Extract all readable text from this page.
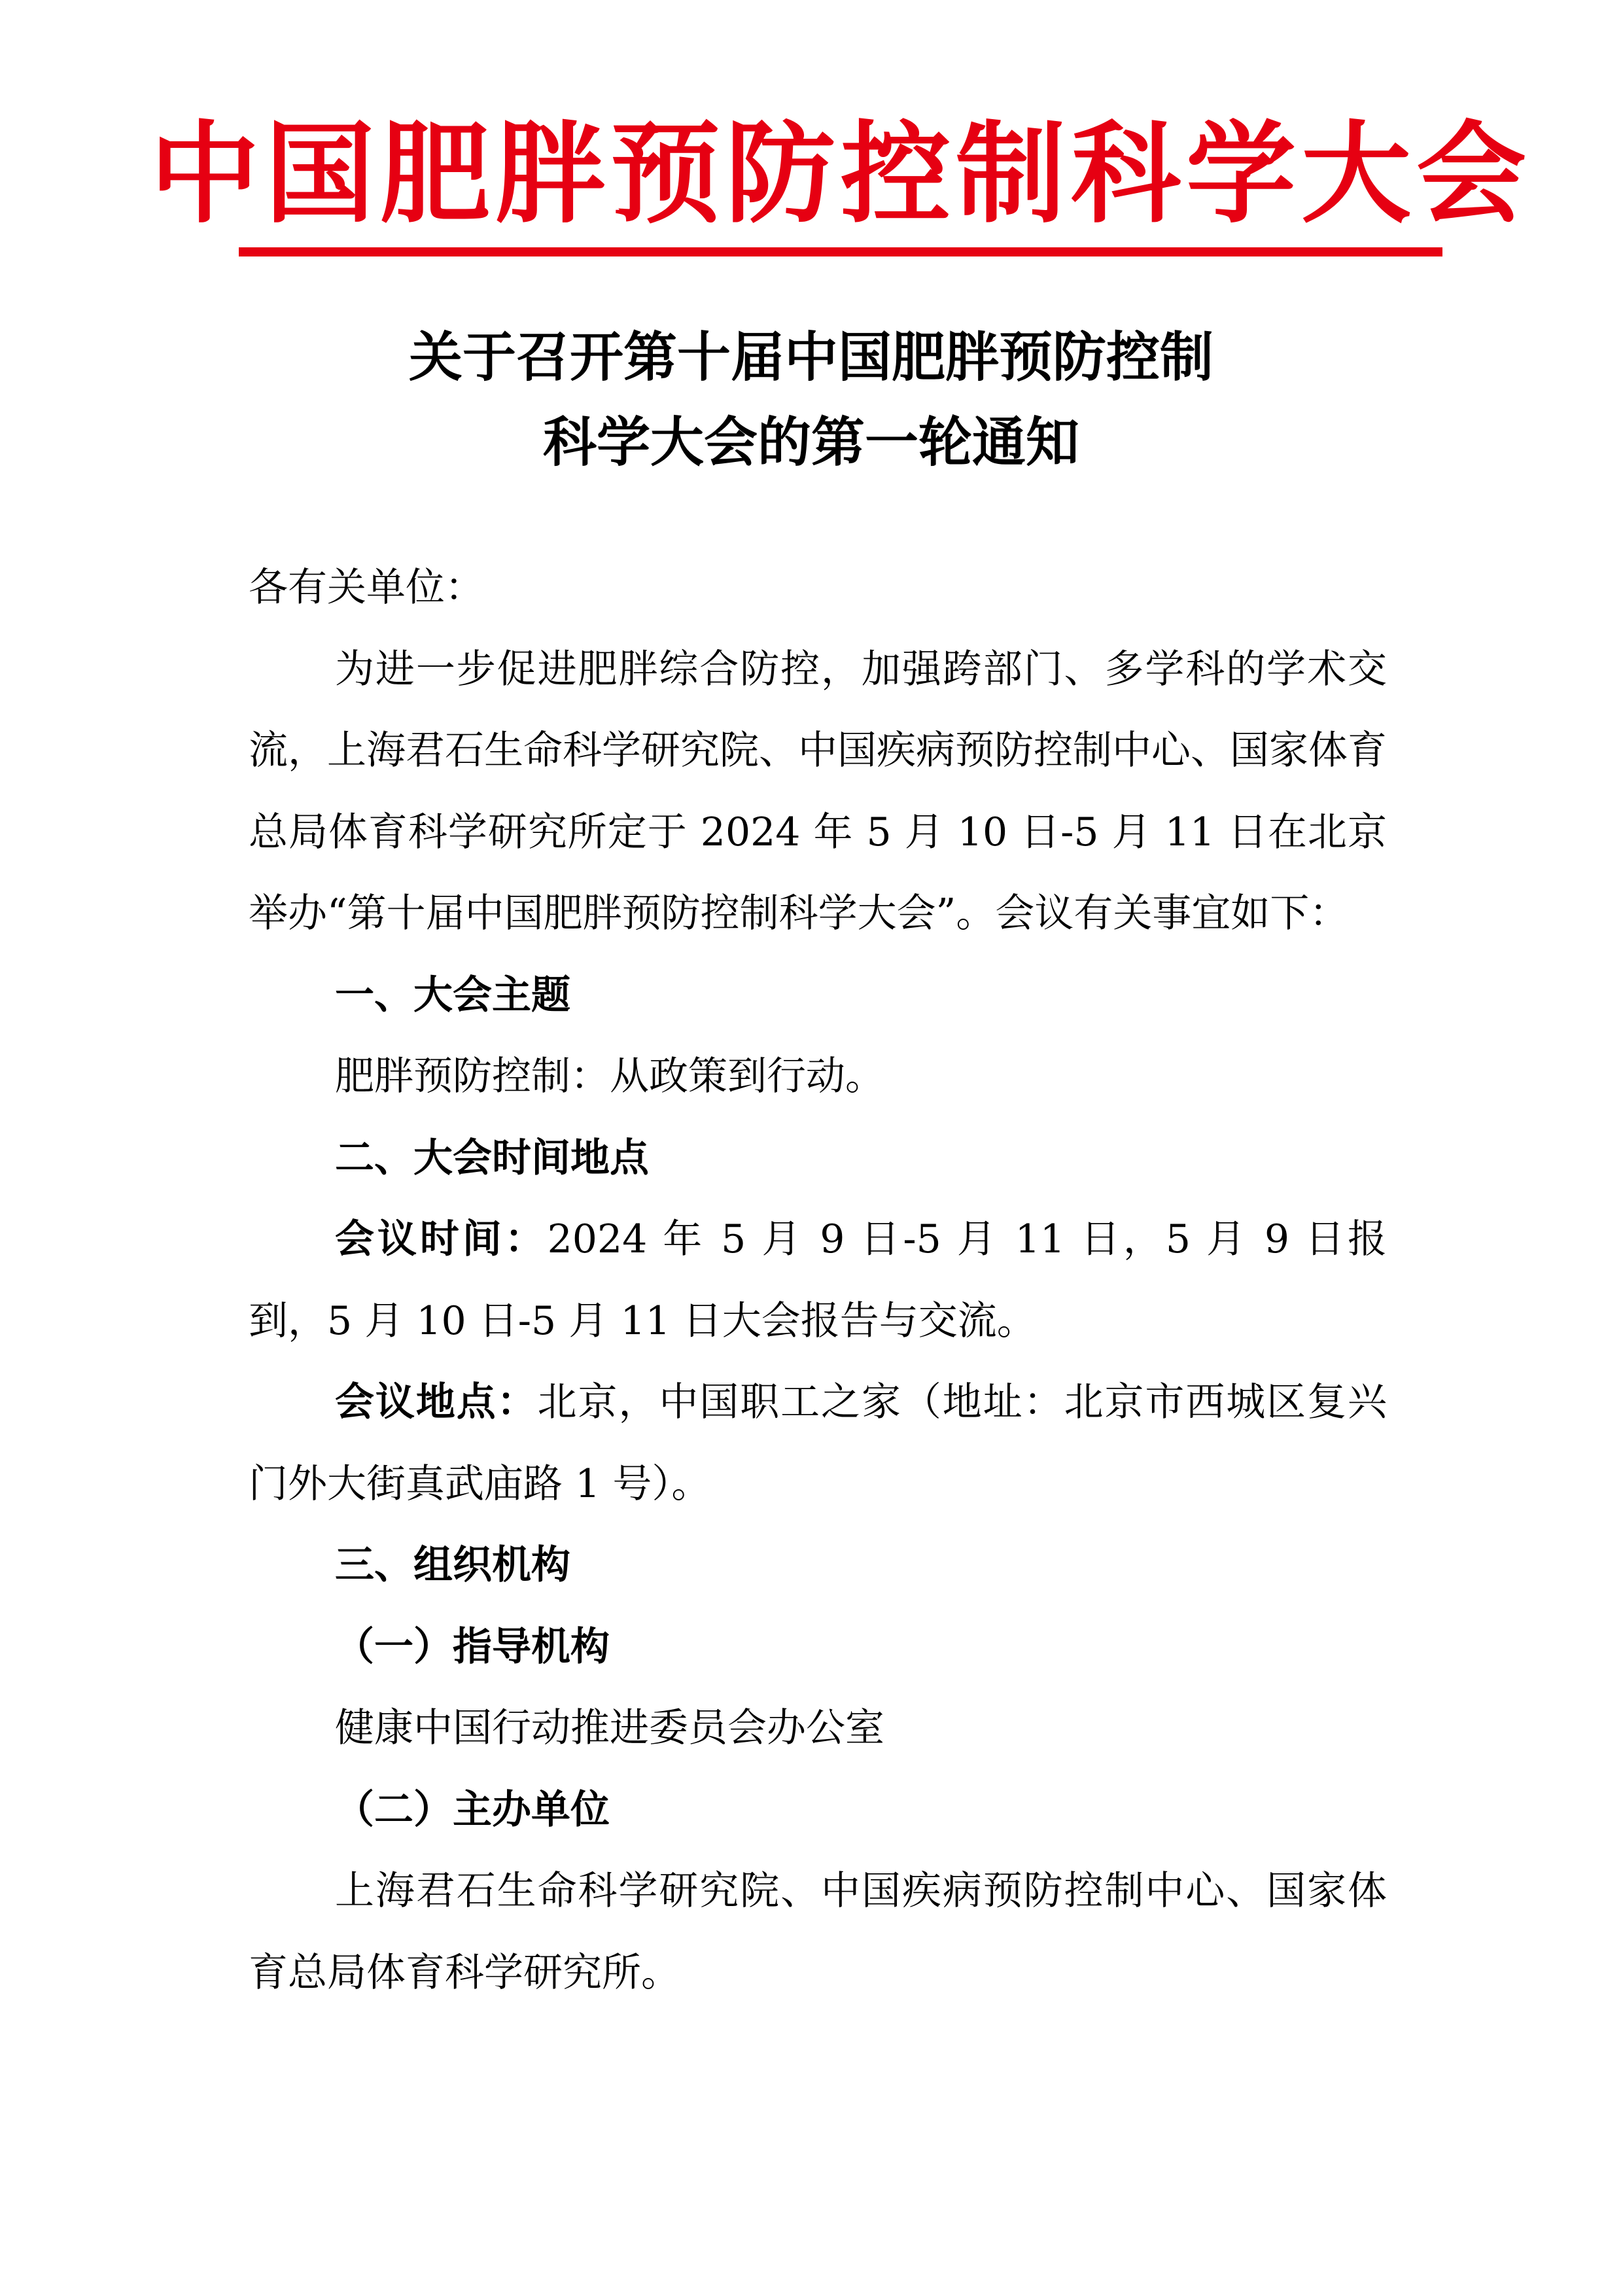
中国肥胖预防控制科学大会
关于召开第十届中国肥胖预防控制
科学大会的第一轮通知

各有关单位：

为进一步促进肥胖综合防控，加强跨部门、多学科的学术交流，上海君石生命科学研究院、中国疾病预防控制中心、国家体育总局体育科学研究所定于 2024 年 5 月 10 日-5 月 11 日在北京举办“第十届中国肥胖预防控制科学大会”。会议有关事宜如下：

一、大会主题

肥胖预防控制：从政策到行动。

二、大会时间地点

会议时间：2024 年 5 月 9 日-5 月 11 日，5 月 9 日报到，5 月 10 日-5 月 11 日大会报告与交流。

会议地点：北京，中国职工之家（地址：北京市西城区复兴门外大街真武庙路 1 号）。

三、组织机构

（一）指导机构

健康中国行动推进委员会办公室

（二）主办单位

上海君石生命科学研究院、中国疾病预防控制中心、国家体育总局体育科学研究所。
